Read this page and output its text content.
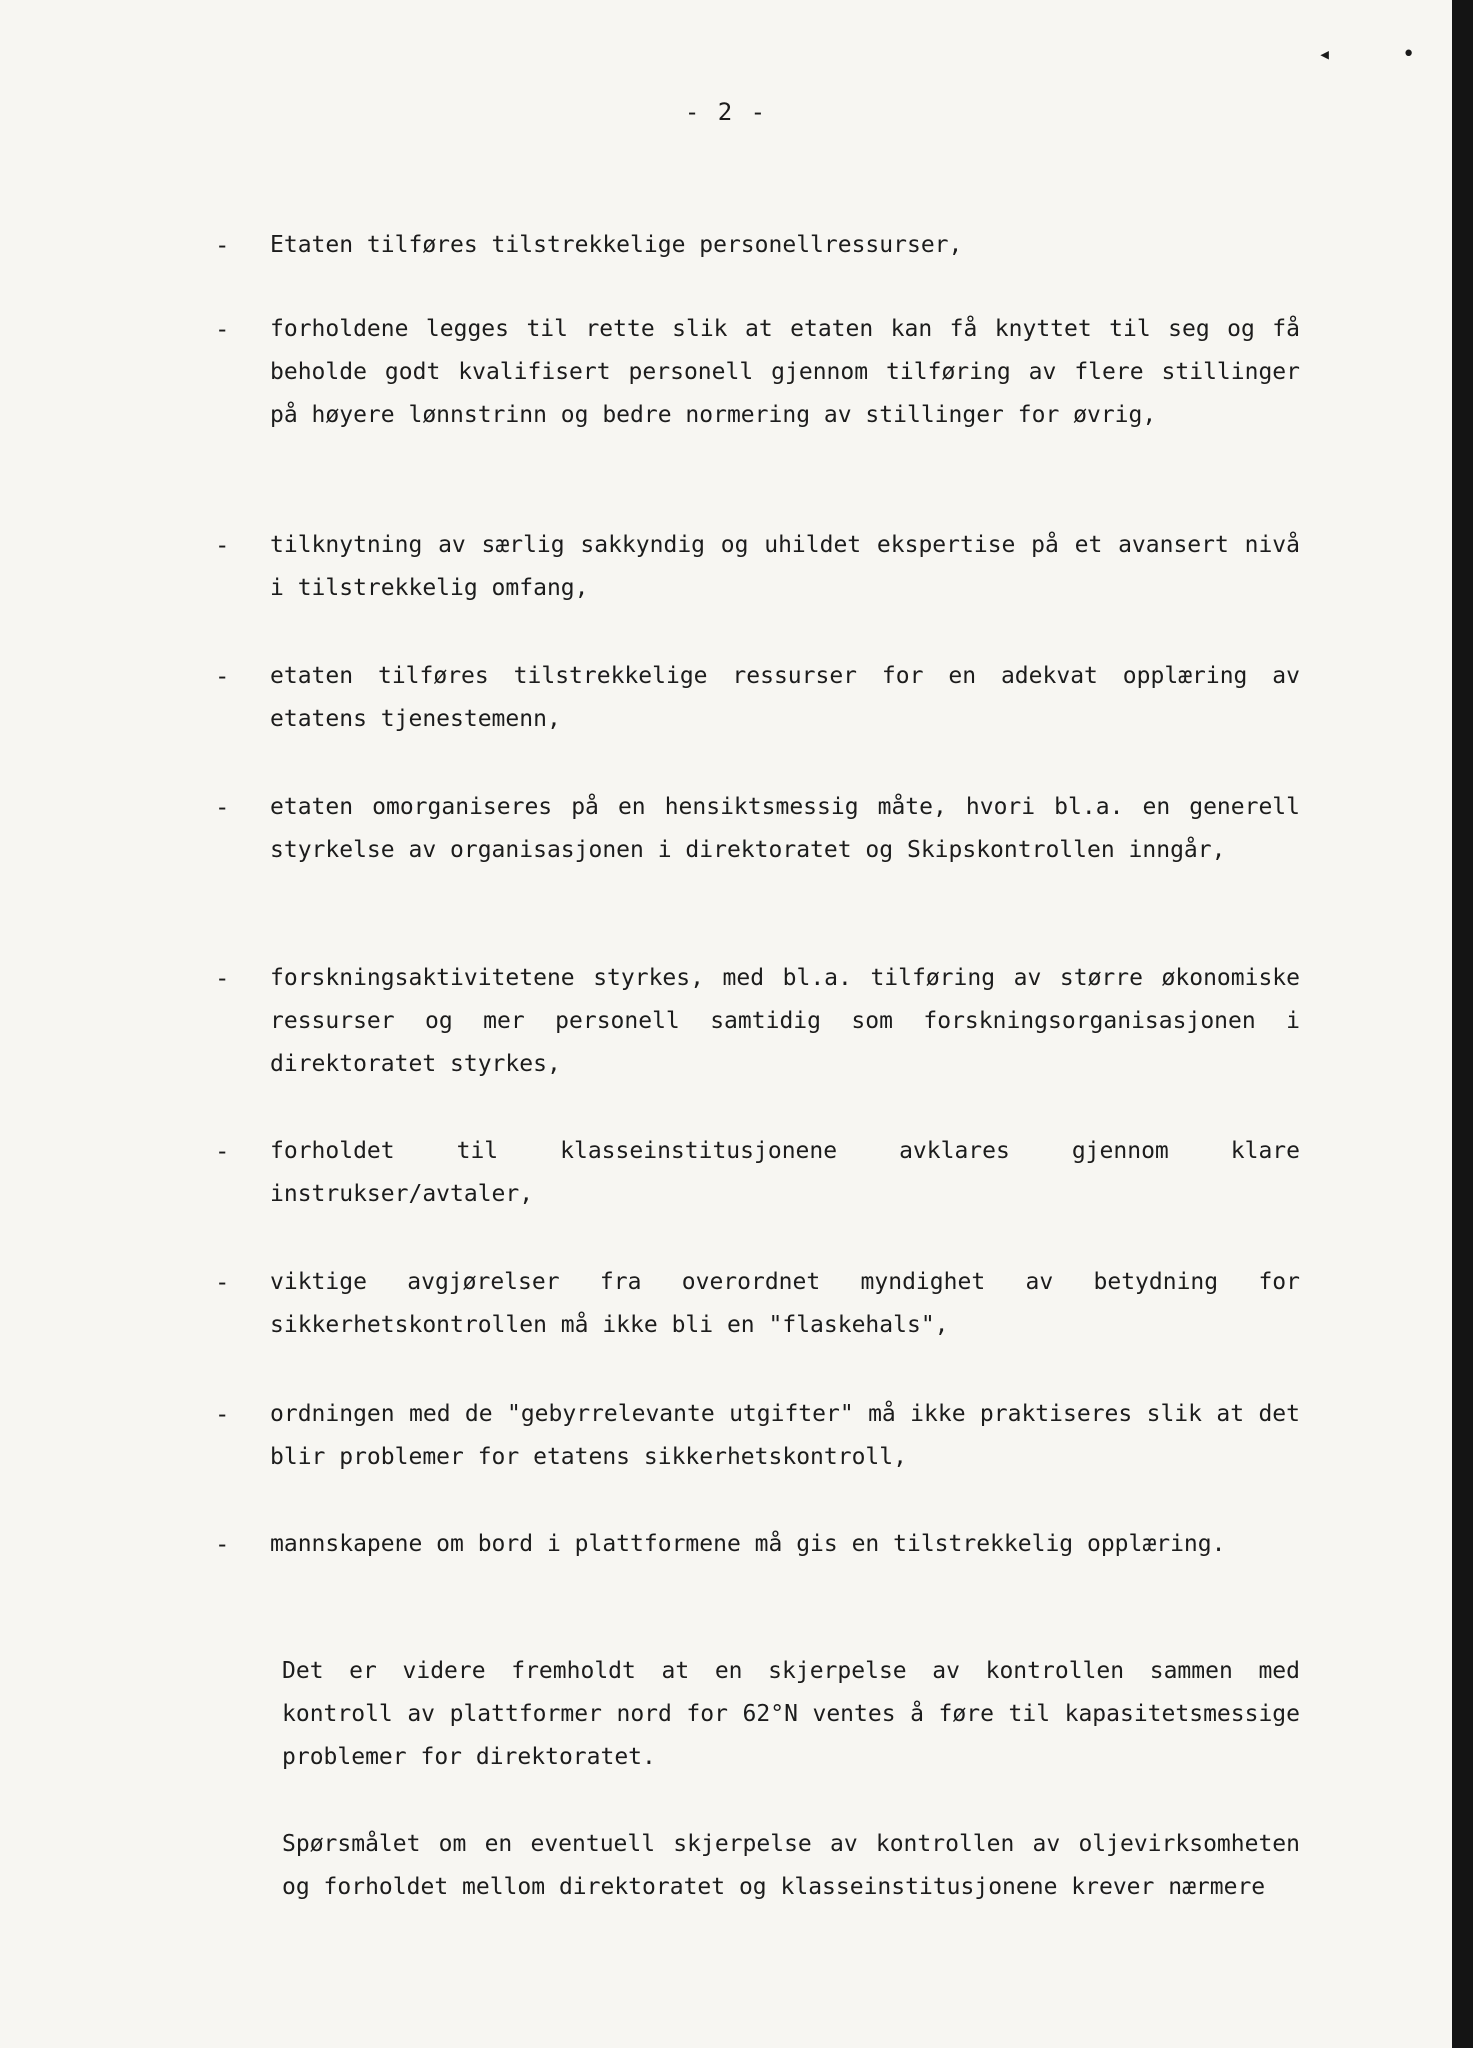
◂	•
- 2 -
-	Etaten tilføres tilstrekkelige personellressurser,
-	forholdene legges til rette slik at etaten kan få knyttet til seg og få beholde godt kvalifisert personell gjennom tilføring av flere stillinger på høyere lønnstrinn og bedre normering av stillinger for øvrig,
-	tilknytning av særlig sakkyndig og uhildet ekspertise på et avansert nivå i tilstrekkelig omfang,
-	etaten tilføres tilstrekkelige ressurser for en adekvat opplæring av etatens tjenestemenn,
-	etaten omorganiseres på en hensiktsmessig måte, hvori bl.a. en generell styrkelse av organisasjonen i direktoratet og Skipskontrollen inngår,
-	forskningsaktivitetene styrkes, med bl.a. tilføring av større økonomiske ressurser og mer personell samtidig som forskningsorganisasjonen i direktoratet styrkes,
-	forholdet til klasseinstitusjonene avklares gjennom klare instrukser/avtaler,
-	viktige avgjørelser fra overordnet myndighet av betydning for sikkerhetskontrollen må ikke bli en "flaskehals",
-	ordningen med de "gebyrrelevante utgifter" må ikke praktiseres slik at det blir problemer for etatens sikkerhetskontroll,
-	mannskapene om bord i plattformene må gis en tilstrekkelig opplæring.
Det er videre fremholdt at en skjerpelse av kontrollen sammen med kontroll av plattformer nord for 62°N ventes å føre til kapasitetsmessige problemer for direktoratet.
Spørsmålet om en eventuell skjerpelse av kontrollen av oljevirksomheten og forholdet mellom direktoratet og klasseinstitusjonene krever nærmere
